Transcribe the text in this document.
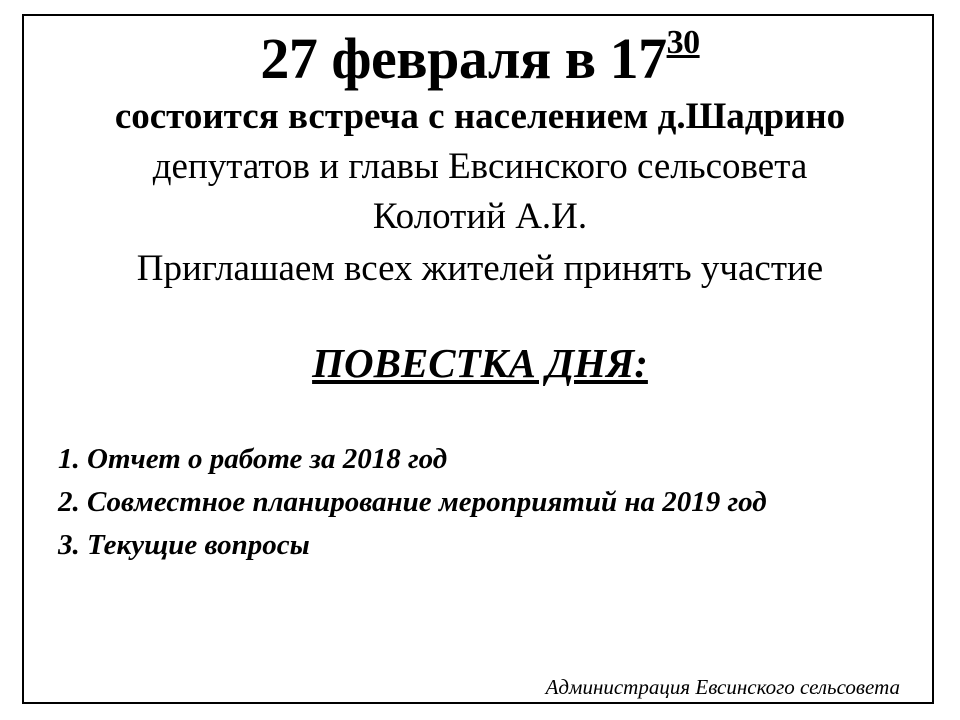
27 февраля в $17^{30}$
состоится встреча с населением д.Шадрино
депутатов и главы Евсинского сельсовета
Колотий А.И.
Приглашаем всех жителей принять участие
ПОВЕСТКА ДНЯ:
1. Отчет о работе за 2018 год
2. Совместное планирование мероприятий на 2019 год
3. Текущие вопросы
Администрация Евсинского сельсовета
